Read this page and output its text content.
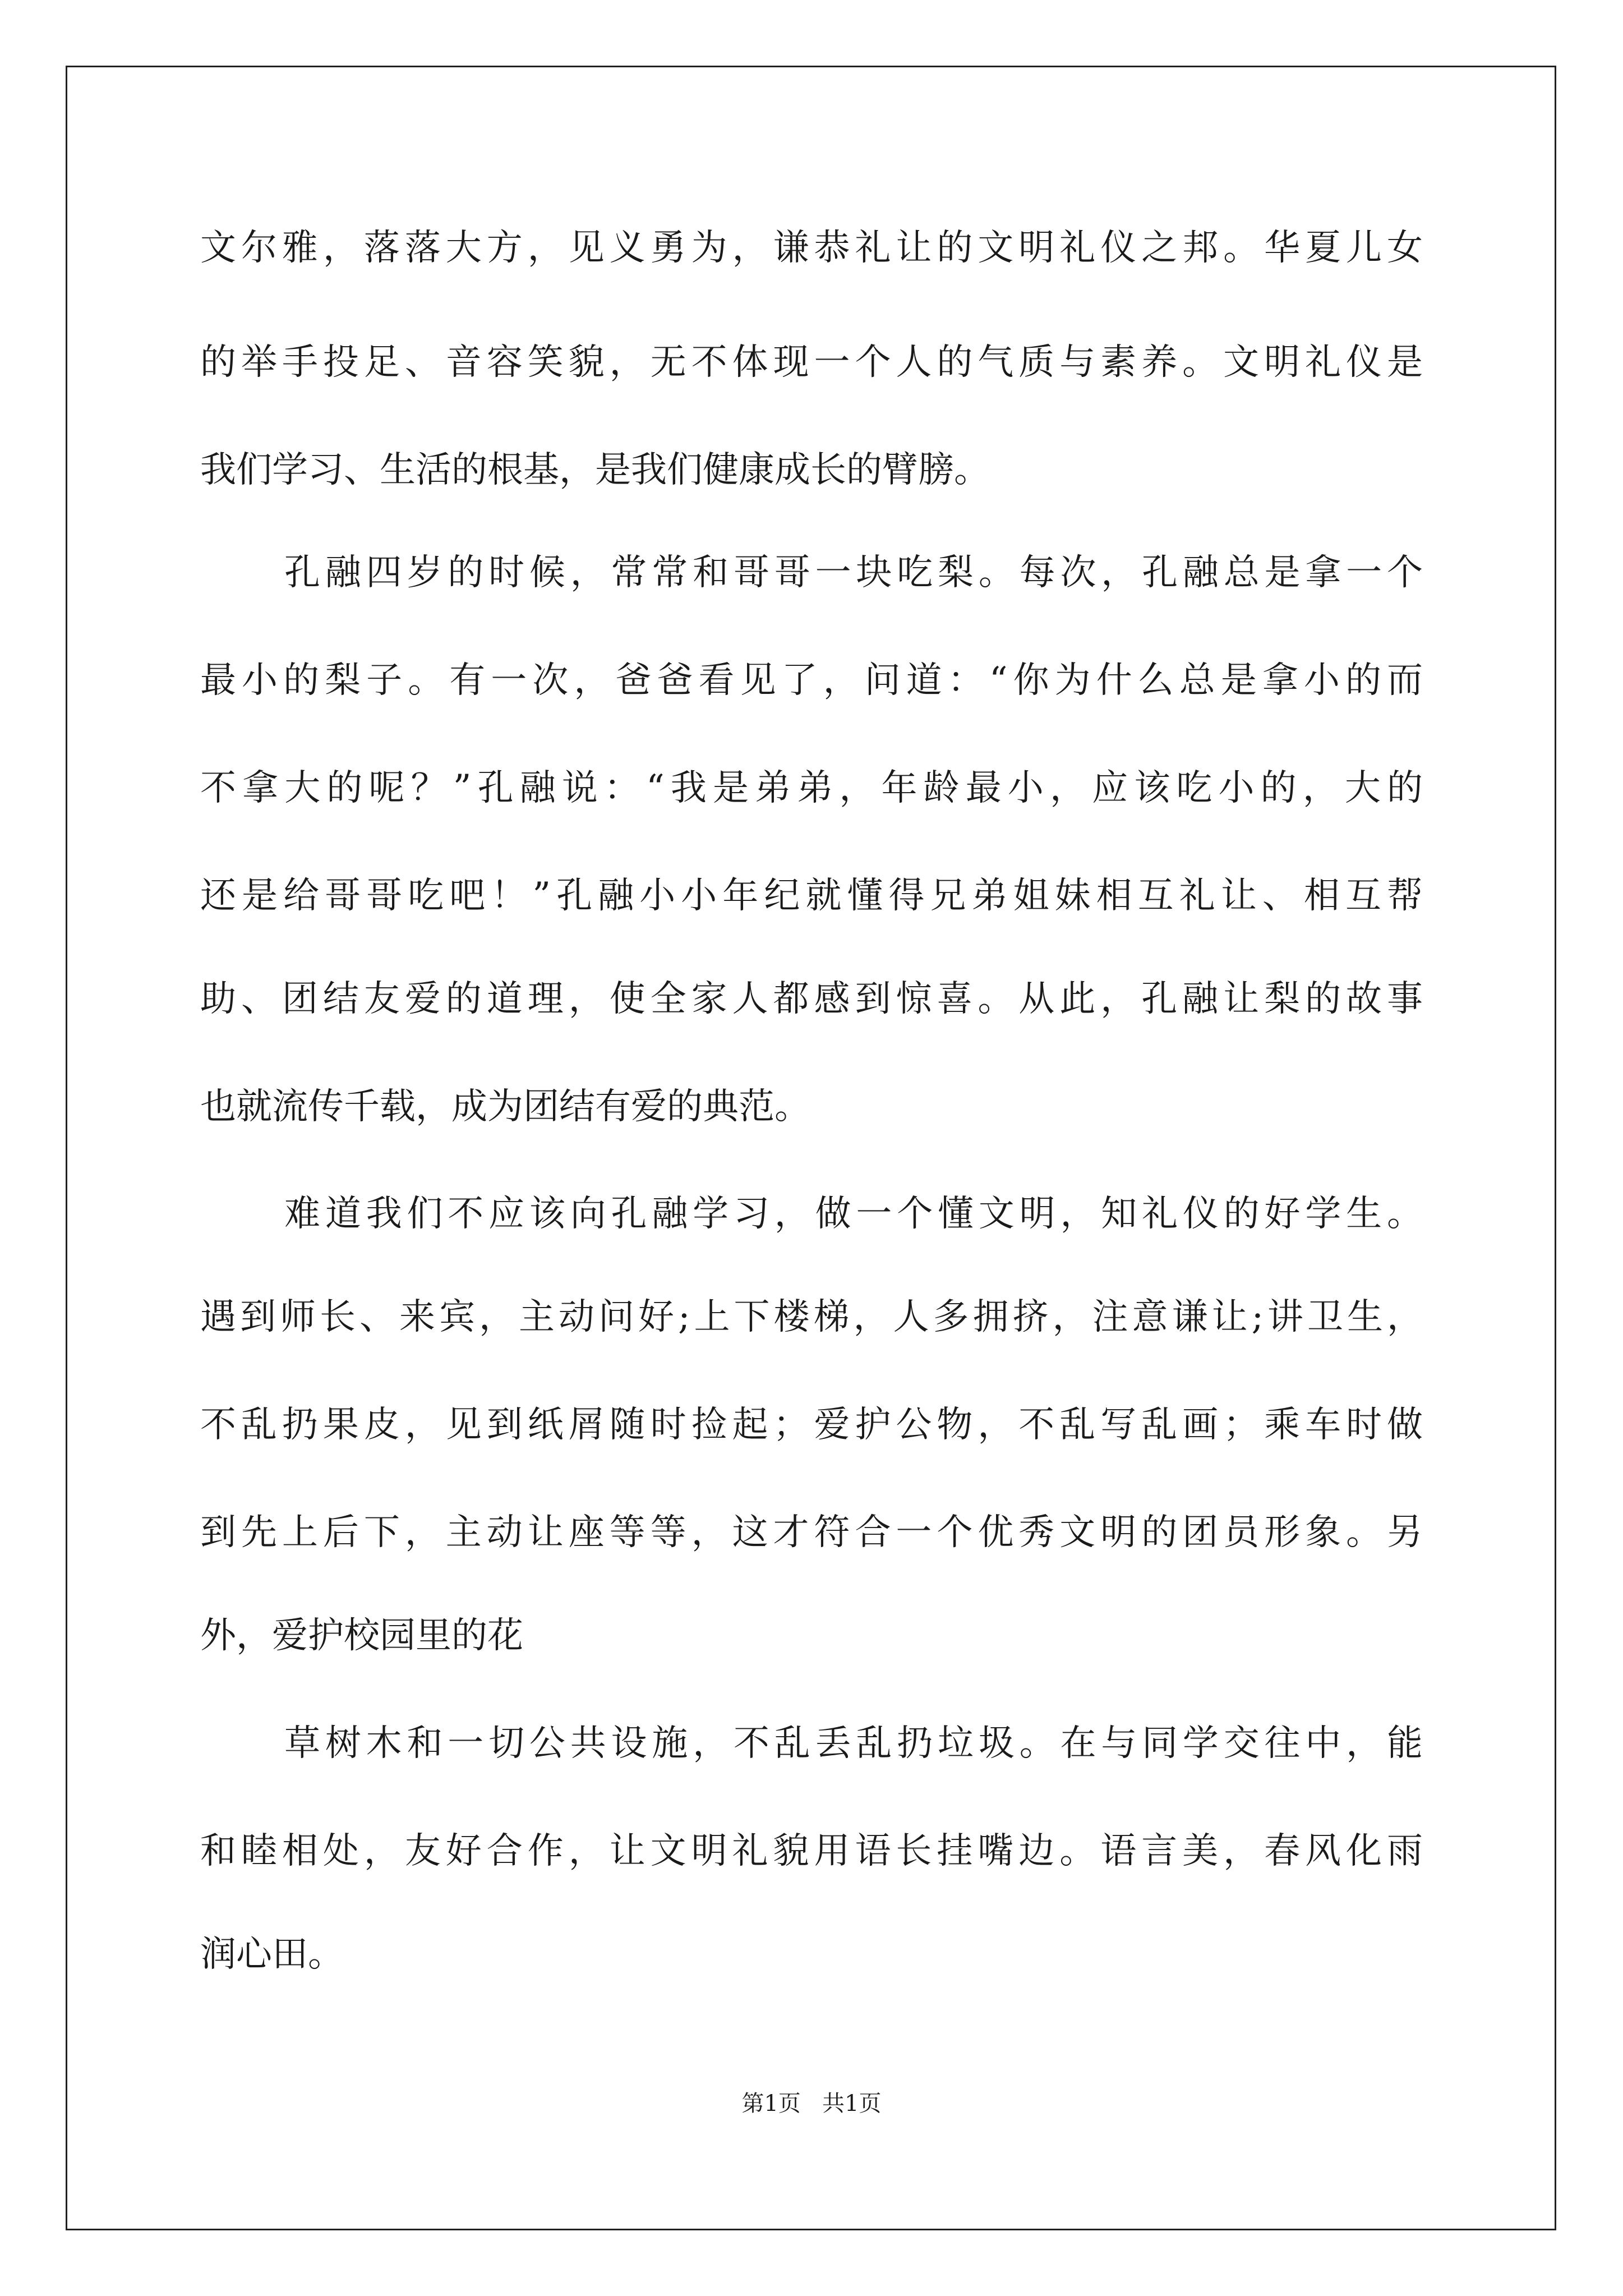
文尔雅，落落大方，见义勇为，谦恭礼让的文明礼仪之邦。华夏儿女
的举手投足、音容笑貌，无不体现一个人的气质与素养。文明礼仪是
我们学习、生活的根基，是我们健康成长的臂膀。
孔融四岁的时候，常常和哥哥一块吃梨。每次，孔融总是拿一个
最小的梨子。有一次，爸爸看见了，问道：“你为什么总是拿小的而
不拿大的呢？”孔融说：“我是弟弟，年龄最小，应该吃小的，大的
还是给哥哥吃吧！”孔融小小年纪就懂得兄弟姐妹相互礼让、相互帮
助、团结友爱的道理，使全家人都感到惊喜。从此，孔融让梨的故事
也就流传千载，成为团结有爱的典范。
难道我们不应该向孔融学习，做一个懂文明，知礼仪的好学生。
遇到师长、来宾，主动问好;上下楼梯，人多拥挤，注意谦让;讲卫生，
不乱扔果皮，见到纸屑随时捡起；爱护公物，不乱写乱画；乘车时做
到先上后下，主动让座等等，这才符合一个优秀文明的团员形象。另
外，爱护校园里的花
草树木和一切公共设施，不乱丢乱扔垃圾。在与同学交往中，能
和睦相处，友好合作，让文明礼貌用语长挂嘴边。语言美，春风化雨
润心田。
第1页   共1页
